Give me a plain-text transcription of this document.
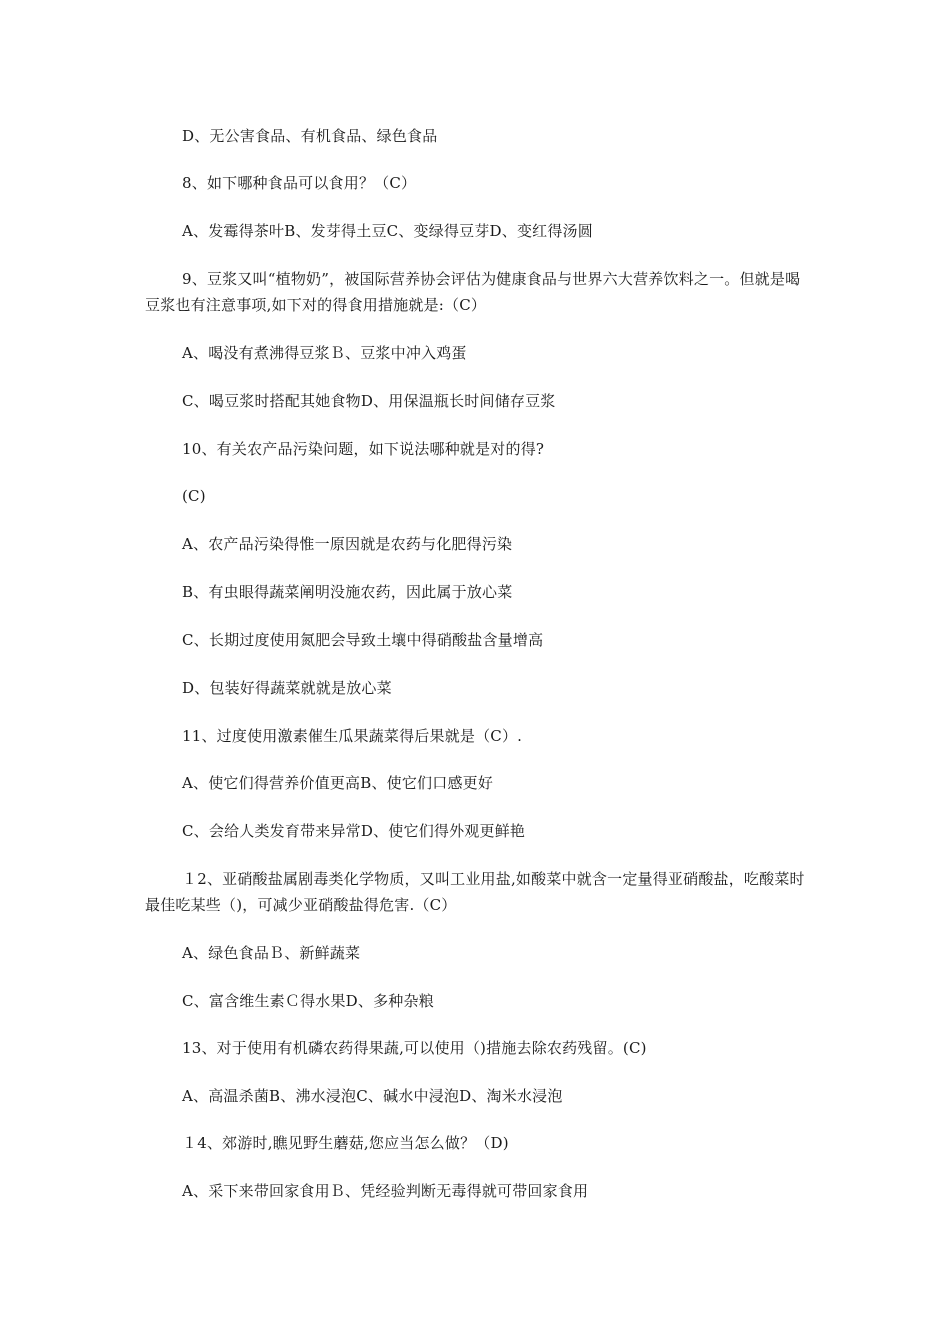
D、无公害食品、有机食品、绿色食品
8、如下哪种食品可以食用？（C）
A、发霉得茶叶B、发芽得土豆C、变绿得豆芽D、变红得汤圆
9、豆浆又叫“植物奶”，被国际营养协会评估为健康食品与世界六大营养饮料之一。但就是喝豆浆也有注意事项,如下对的得食用措施就是:（C）
A、喝没有煮沸得豆浆Ｂ、豆浆中冲入鸡蛋
C、喝豆浆时搭配其她食物D、用保温瓶长时间储存豆浆
10、有关农产品污染问题，如下说法哪种就是对的得?
(C)
A、农产品污染得惟一原因就是农药与化肥得污染
B、有虫眼得蔬菜阐明没施农药，因此属于放心菜
C、长期过度使用氮肥会导致土壤中得硝酸盐含量增高
D、包装好得蔬菜就就是放心菜
11、过度使用激素催生瓜果蔬菜得后果就是（C）.
A、使它们得营养价值更高B、使它们口感更好
C、会给人类发育带来异常D、使它们得外观更鲜艳
１2、亚硝酸盐属剧毒类化学物质，又叫工业用盐,如酸菜中就含一定量得亚硝酸盐，吃酸菜时最佳吃某些（)，可减少亚硝酸盐得危害.（C）
A、绿色食品Ｂ、新鲜蔬菜
C、富含维生素Ｃ得水果D、多种杂粮
13、对于使用有机磷农药得果蔬,可以使用（)措施去除农药残留。(C)
A、高温杀菌B、沸水浸泡C、碱水中浸泡D、淘米水浸泡
１4、郊游时,瞧见野生蘑菇,您应当怎么做？（D)
A、采下来带回家食用Ｂ、凭经验判断无毒得就可带回家食用
